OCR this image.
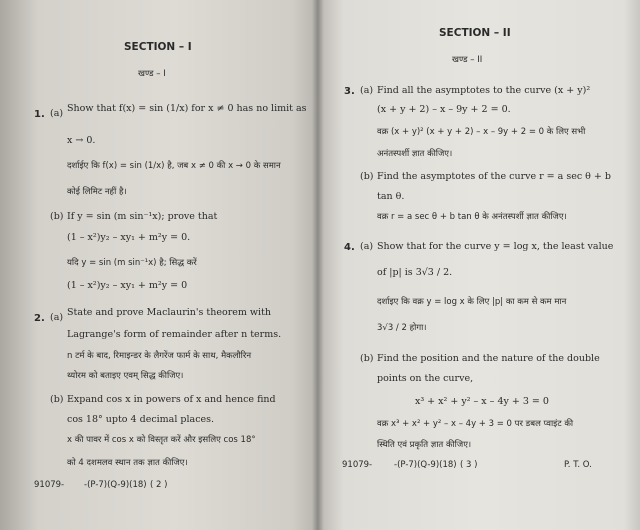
SECTION – I
खण्ड – I
1. (a) Show that f(x) = sin (1/x) for x ≠ 0 has no limit as
x → 0.
दर्शाईए कि f(x) = sin (1/x) है, जब x ≠ 0 की x → 0 के समान
कोई लिमिट नहीं है।
(b) If y = sin (m sin⁻¹x); prove that
(1 – x²)y₂ – xy₁ + m²y = 0.
यदि y = sin (m sin⁻¹x) है; सिद्ध करें
(1 – x²)y₂ – xy₁ + m²y = 0
2. (a) State and prove Maclaurin's theorem with
Lagrange's form of remainder after n terms.
n टर्म के बाद, रिमाइन्डर के लैगरेंज फार्म के साथ, मैकलौरिन
थ्योरम को बताइए एवम् सिद्ध कीजिए।
(b) Expand cos x in powers of x and hence find
cos 18° upto 4 decimal places.
x की पावर में cos x को विस्तृत करें और इसलिए cos 18°
को 4 दशमलव स्थान तक ज्ञात कीजिए।
91079- -(P-7)(Q-9)(18) ( 2 )
SECTION – II
खण्ड – II
3. (a) Find all the asymptotes to the curve (x + y)²
(x + y + 2) – x – 9y + 2 = 0.
वक्र (x + y)² (x + y + 2) – x – 9y + 2 = 0 के लिए सभी
अनंतस्पर्शी ज्ञात कीजिए।
(b) Find the asymptotes of the curve r = a sec θ + b
tan θ.
वक्र r = a sec θ + b tan θ के अनंतस्पर्शी ज्ञात कीजिए।
4. (a) Show that for the curve y = log x, the least value
of |p| is 3√3 / 2.
दर्शाइए कि वक्र y = log x के लिए |p| का कम से कम मान
3√3 / 2 होगा।
(b) Find the position and the nature of the double
points on the curve,
x³ + x² + y² – x – 4y + 3 = 0
वक्र x³ + x² + y² – x – 4y + 3 = 0 पर डबल प्वाइंट की
स्थिति एवं प्रकृति ज्ञात कीजिए।
91079-	-(P-7)(Q-9)(18) ( 3 )	P. T. O.
